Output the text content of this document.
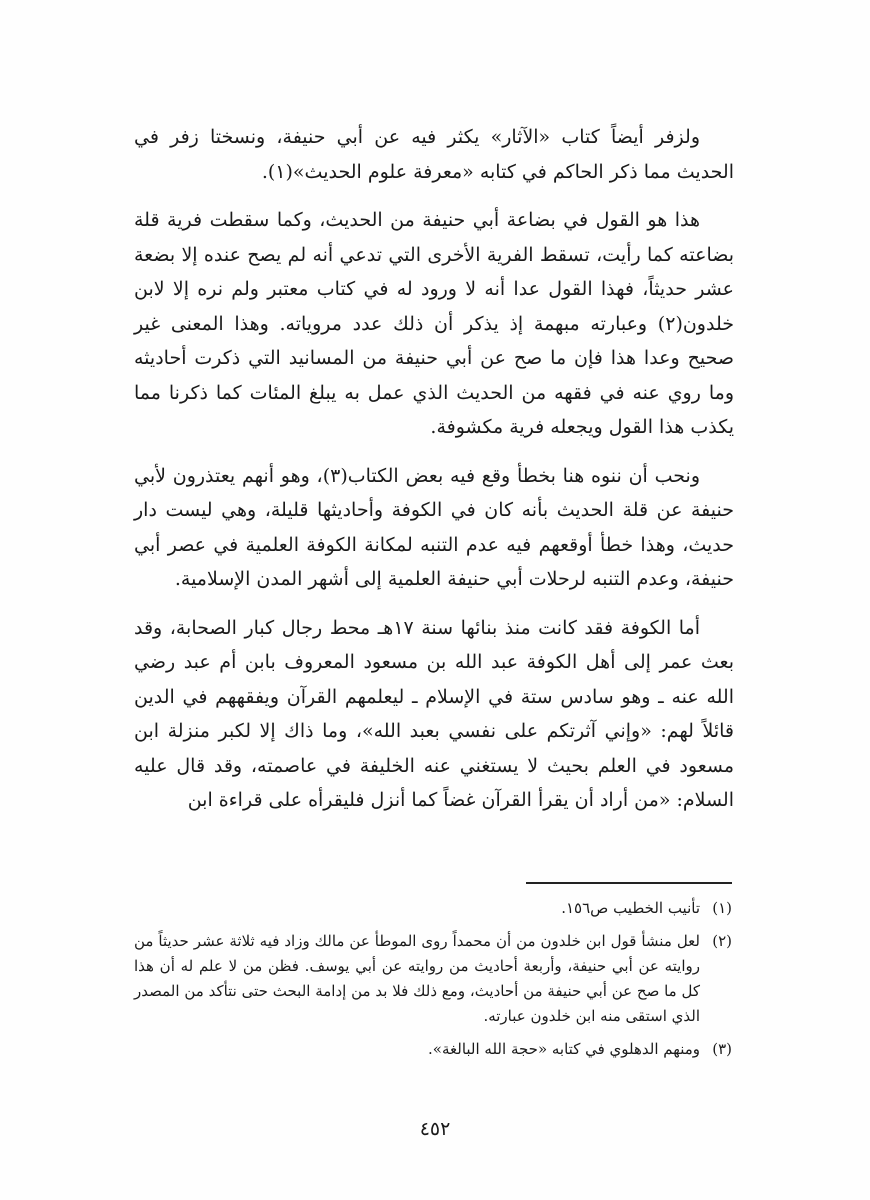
ولزفر أيضاً كتاب «الآثار» يكثر فيه عن أبي حنيفة، ونسختا زفر في الحديث مما ذكر الحاكم في كتابه «معرفة علوم الحديث»(١).

هذا هو القول في بضاعة أبي حنيفة من الحديث، وكما سقطت فرية قلة بضاعته كما رأيت، تسقط الفرية الأخرى التي تدعي أنه لم يصح عنده إلا بضعة عشر حديثاً، فهذا القول عدا أنه لا ورود له في كتاب معتبر ولم نره إلا لابن خلدون(٢) وعبارته مبهمة إذ يذكر أن ذلك عدد مروياته. وهذا المعنى غير صحيح وعدا هذا فإن ما صح عن أبي حنيفة من المسانيد التي ذكرت أحاديثه وما روي عنه في فقهه من الحديث الذي عمل به يبلغ المئات كما ذكرنا مما يكذب هذا القول ويجعله فرية مكشوفة.

ونحب أن ننوه هنا بخطأ وقع فيه بعض الكتاب(٣)، وهو أنهم يعتذرون لأبي حنيفة عن قلة الحديث بأنه كان في الكوفة وأحاديثها قليلة، وهي ليست دار حديث، وهذا خطأ أوقعهم فيه عدم التنبه لمكانة الكوفة العلمية في عصر أبي حنيفة، وعدم التنبه لرحلات أبي حنيفة العلمية إلى أشهر المدن الإسلامية.

أما الكوفة فقد كانت منذ بنائها سنة ١٧هـ محط رجال كبار الصحابة، وقد بعث عمر إلى أهل الكوفة عبد الله بن مسعود المعروف بابن أم عبد رضي الله عنه ـ وهو سادس ستة في الإسلام ـ ليعلمهم القرآن ويفقههم في الدين قائلاً لهم: «وإني آثرتكم على نفسي بعبد الله»، وما ذاك إلا لكبر منزلة ابن مسعود في العلم بحيث لا يستغني عنه الخليفة في عاصمته، وقد قال عليه السلام: «من أراد أن يقرأ القرآن غضاً كما أنزل فليقرأه على قراءة ابن

(١)
تأنيب الخطيب ص١٥٦.
(٢)
لعل منشأ قول ابن خلدون من أن محمداً روى الموطأ عن مالك وزاد فيه ثلاثة عشر حديثاً من روايته عن أبي حنيفة، وأربعة أحاديث من روايته عن أبي يوسف. فظن من لا علم له أن هذا كل ما صح عن أبي حنيفة من أحاديث، ومع ذلك فلا بد من إدامة البحث حتى نتأكد من المصدر الذي استقى منه ابن خلدون عبارته.
(٣)
ومنهم الدهلوي في كتابه «حجة الله البالغة».
٤٥٢
